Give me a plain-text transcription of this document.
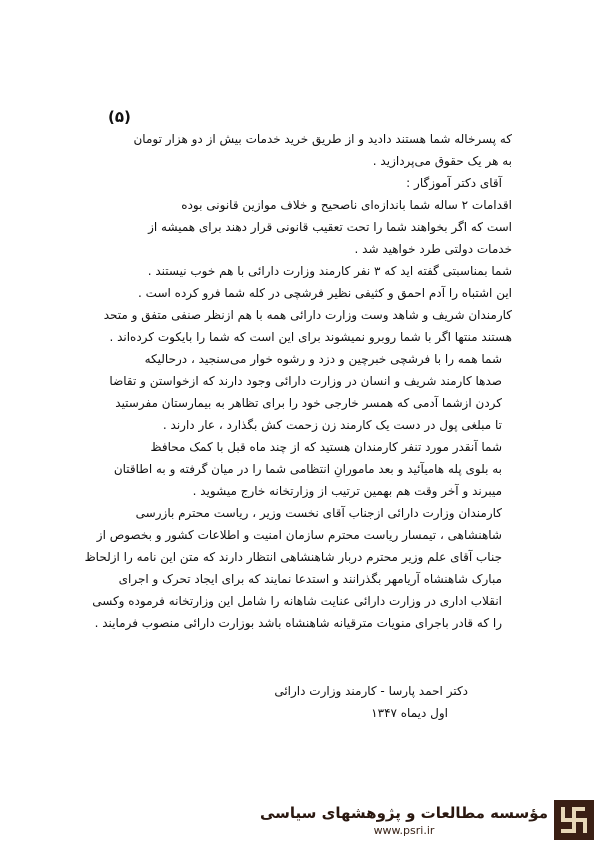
(۵)

که پسرخاله شما هستند دادید و از طریق خرید خدمات بیش از دو هزار تومان
به هر یک حقوق می‌پردازید .

آقای دکتر آموزگار :

اقدامات ۲ ساله شما باندازه‌ای ناصحیح و خلاف موازین قانونی بوده
است که اگر بخواهند شما را تحت تعقیب قانونی قرار دهند برای همیشه از
خدمات دولتی طرد خواهید شد .

شما بمناسبتی گفته اید که ۳ نفر کارمند وزارت دارائی با هم خوب نیستند .
این اشتباه را آدم احمق و کثیفی نظیر فرشچی در کله شما فرو کرده است .
کارمندان شریف و شاهد وست وزارت دارائی همه با هم ازنظر صنفی متفق و متحد
هستند منتها اگر با شما روبرو نمیشوند برای این است که شما را بایکوت کرده‌اند .

شما همه را با فرشچی خبرچین و دزد و رشوه خوار می‌سنجید ، درحالیکه
صدها کارمند شریف و انسان در وزارت دارائی وجود دارند که ازخواستن و تقاضا
کردن ازشما آدمی که همسر خارجی خود را برای تظاهر به بیمارستان مفرستید
تا مبلغی پول در دست یک کارمند زن زحمت کش بگذارد ، عار دارند .

شما آنقدر مورد تنفر کارمندان هستید که از چند ماه قبل با کمک محافظ
به بلوی پله هامیآئید و بعد مامورانِ انتظامی شما را در میان گرفته و به اطاقتان
میبرند و آخر وقت هم بهمین ترتیب از وزارتخانه خارج میشوید .

کارمندان وزارت دارائی ازجناب آقای نخست وزیر ، ریاست محترم بازرسی
شاهنشاهی ، تیمسار ریاست محترم سازمان امنیت و اطلاعات کشور و بخصوص از
جناب آقای علم وزیر محترم دربار شاهنشاهی انتظار دارند که متن این نامه را ازلحاظ
مبارک شاهنشاه آریامهر بگذرانند و استدعا نمایند که برای ایجاد تحرک و اجرای
انقلاب اداری در وزارت دارائی عنایت شاهانه را شامل این وزارتخانه فرموده وکسی
را که قادر باجرای منویات مترقیانه شاهنشاه باشد بوزارت دارائی منصوب فرمایند .

دکتر احمد پارسا - کارمند وزارت دارائی
اول دیماه ۱۳۴۷
مؤسسه مطالعات و پژوهشهای سیاسی
www.psri.ir
